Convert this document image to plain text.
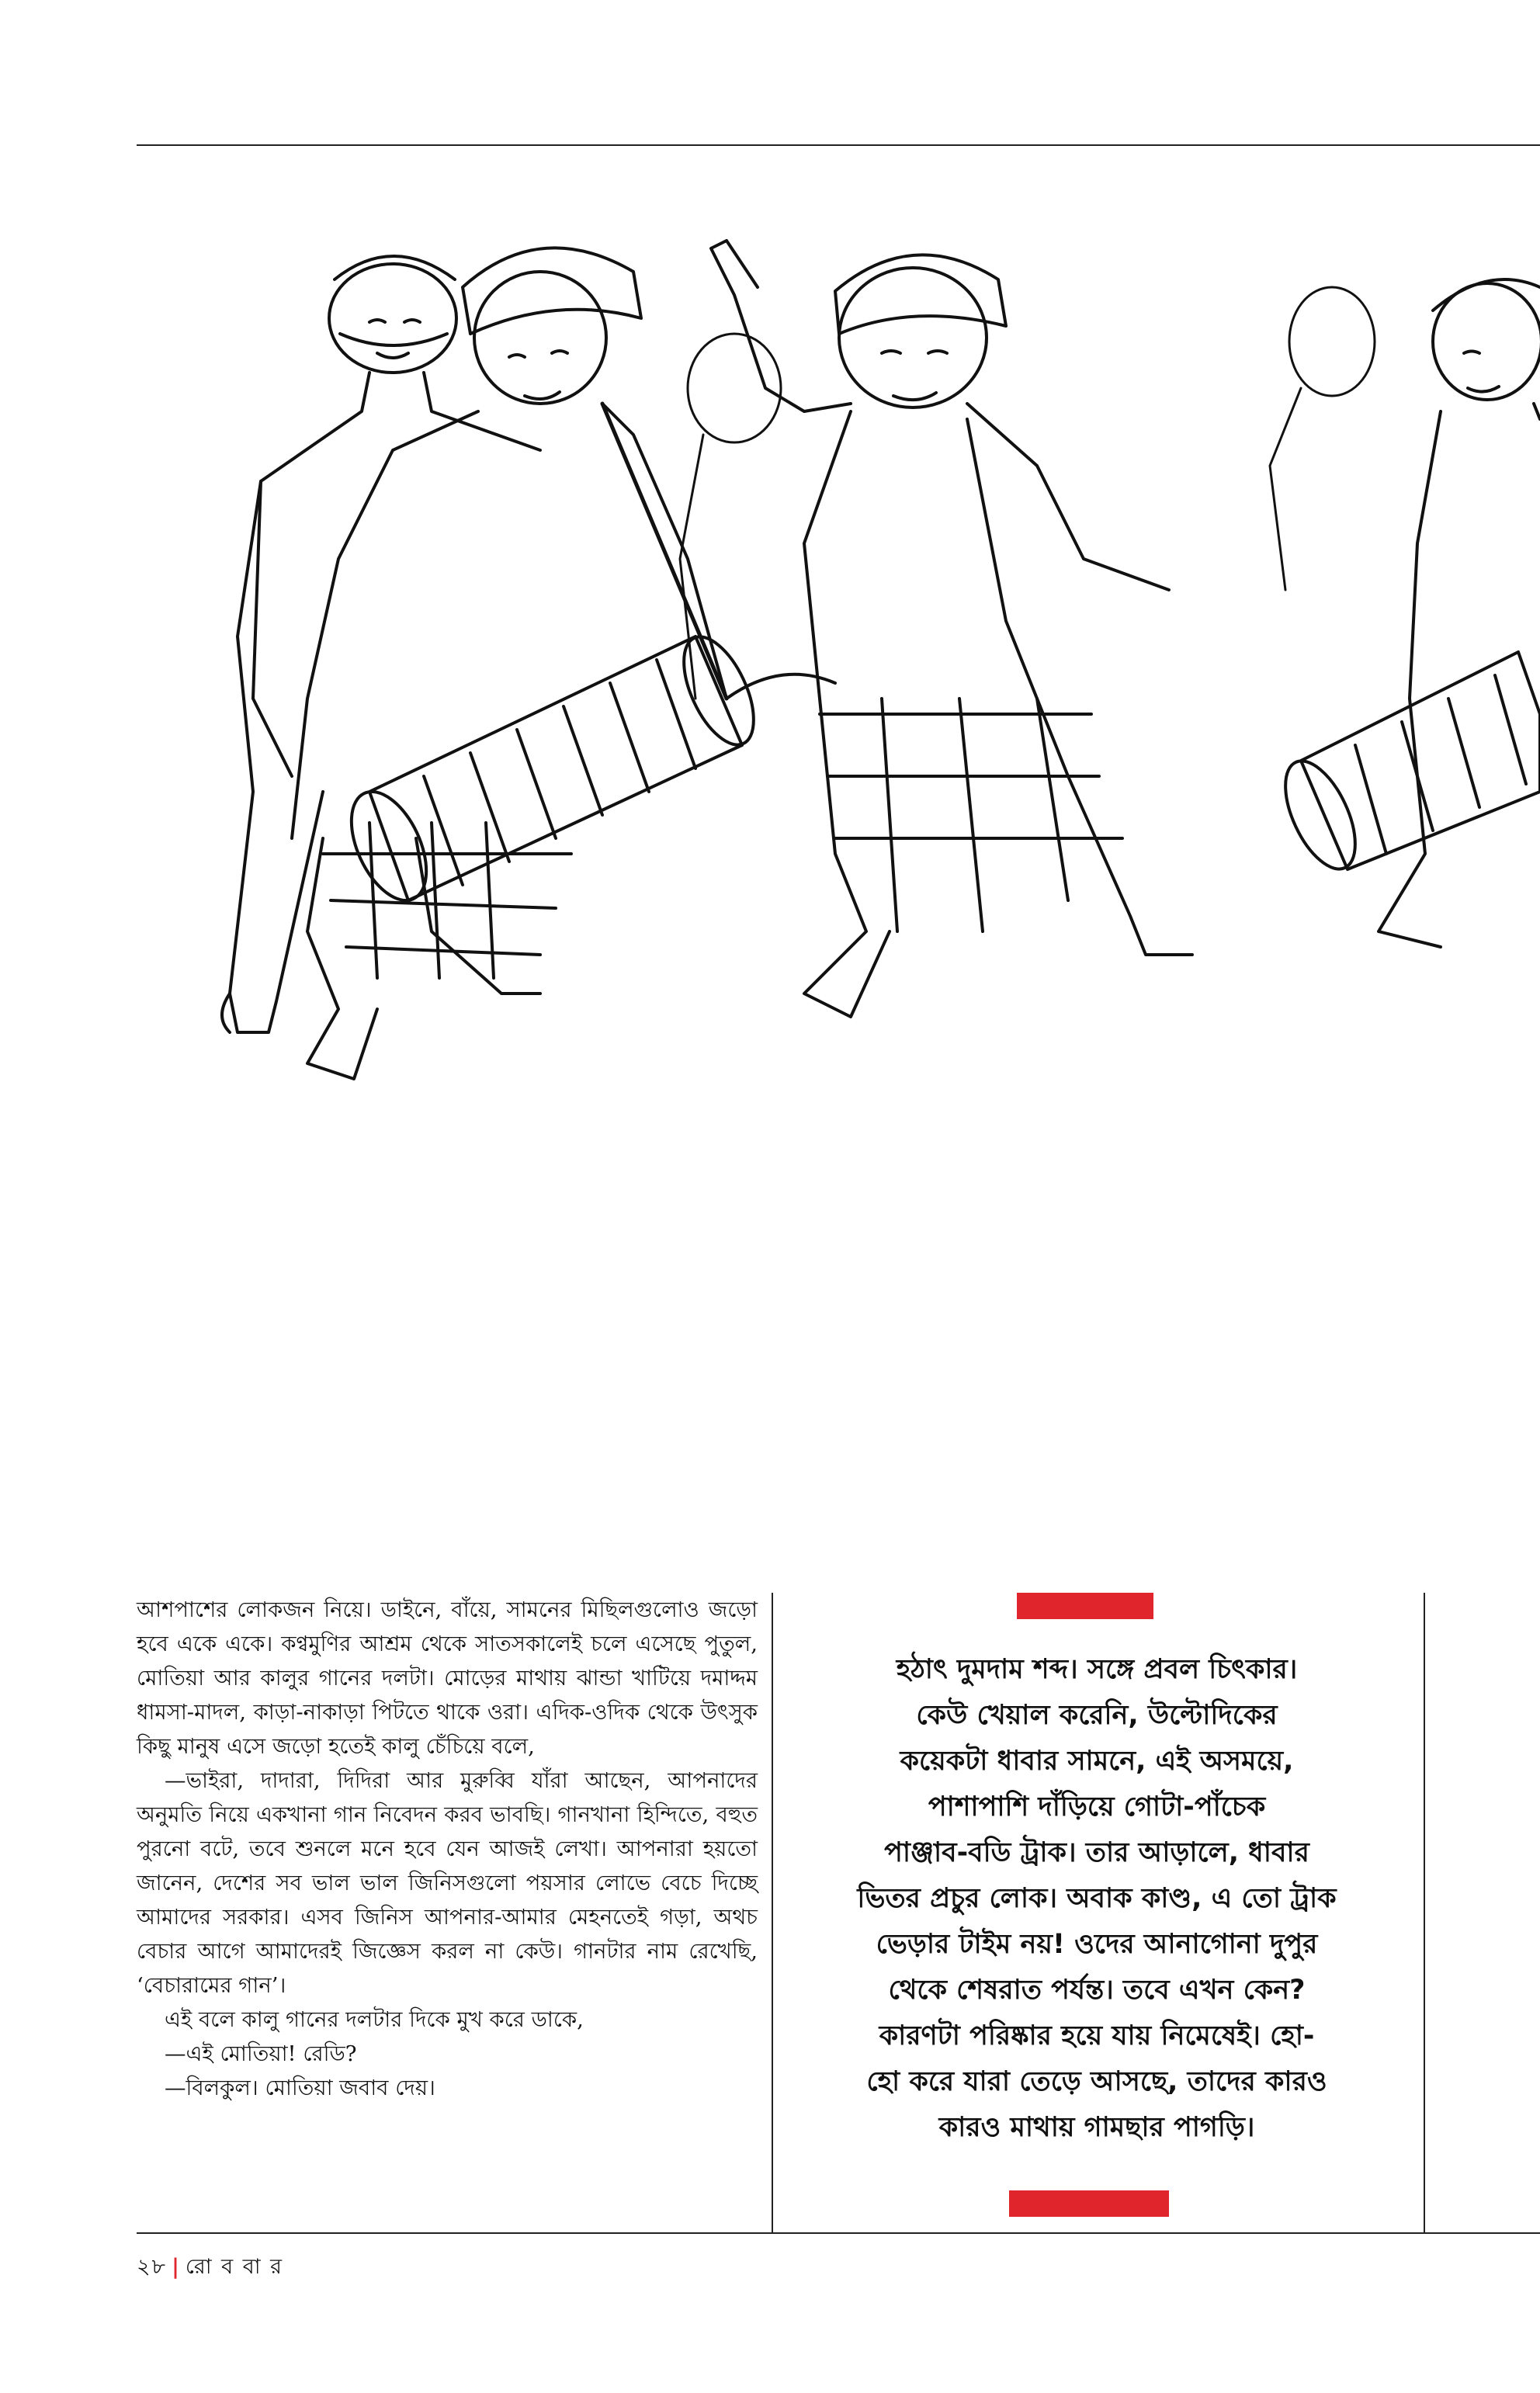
আশপাশের লোকজন নিয়ে। ডাইনে, বাঁয়ে, সামনের মিছিলগুলোও জড়ো হবে একে একে। কণ্বমুণির আশ্রম থেকে সাতসকালেই চলে এসেছে পুতুল, মোতিয়া আর কালুর গানের দলটা। মোড়ের মাথায় ঝান্ডা খাটিয়ে দমাদ্দম ধামসা-মাদল, কাড়া-নাকাড়া পিটতে থাকে ওরা। এদিক-ওদিক থেকে উৎসুক কিছু মানুষ এসে জড়ো হতেই কালু চেঁচিয়ে বলে,

—ভাইরা, দাদারা, দিদিরা আর মুরুব্বি যাঁরা আছেন, আপনাদের অনুমতি নিয়ে একখানা গান নিবেদন করব ভাবছি। গানখানা হিন্দিতে, বহুত পুরনো বটে, তবে শুনলে মনে হবে যেন আজই লেখা। আপনারা হয়তো জানেন, দেশের সব ভাল ভাল জিনিসগুলো পয়সার লোভে বেচে দিচ্ছে আমাদের সরকার। এসব জিনিস আপনার-আমার মেহনতেই গড়া, অথচ বেচার আগে আমাদেরই জিজ্ঞেস করল না কেউ। গানটার নাম রেখেছি, ‘বেচারামের গান’।

এই বলে কালু গানের দলটার দিকে মুখ করে ডাকে,

—এই মোতিয়া! রেডি?

—বিলকুল। মোতিয়া জবাব দেয়।

হঠাৎ দুমদাম শব্দ। সঙ্গে প্রবল চিৎকার।
কেউ খেয়াল করেনি, উল্টোদিকের
কয়েকটা ধাবার সামনে, এই অসময়ে,
পাশাপাশি দাঁড়িয়ে গোটা-পাঁচেক
পাঞ্জাব-বডি ট্রাক। তার আড়ালে, ধাবার
ভিতর প্রচুর লোক। অবাক কাণ্ড, এ তো ট্রাক
ভেড়ার টাইম নয়! ওদের আনাগোনা দুপুর
থেকে শেষরাত পর্যন্ত। তবে এখন কেন?
কারণটা পরিষ্কার হয়ে যায় নিমেষেই। হো-
হো করে যারা তেড়ে আসছে, তাদের কারও
কারও মাথায় গামছার পাগড়ি।
২৮ | রো ব বা র
